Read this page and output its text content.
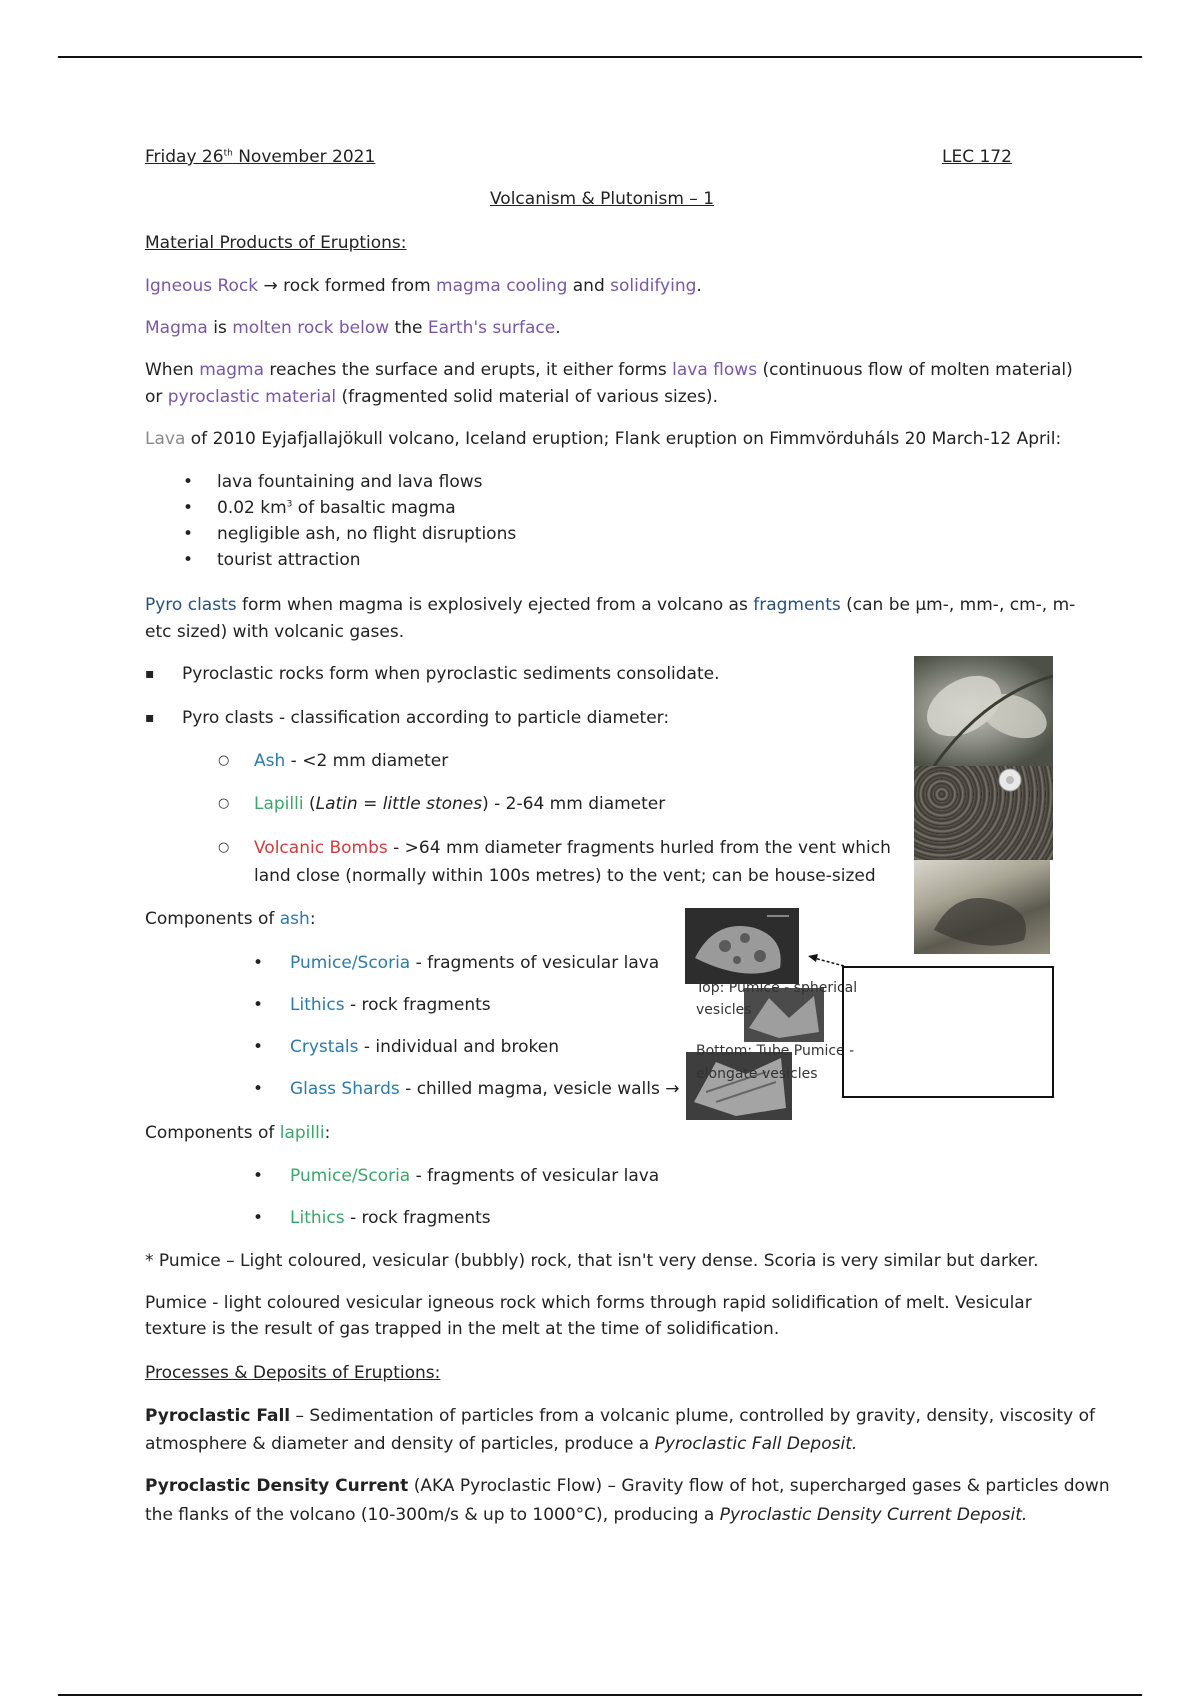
Friday 26th November 2021	LEC 172
Volcanism & Plutonism – 1
Material Products of Eruptions:
Igneous Rock → rock formed from magma cooling and solidifying.
Magma is molten rock below the Earth's surface.
When magma reaches the surface and erupts, it either forms lava flows (continuous flow of molten material)
or pyroclastic material (fragmented solid material of various sizes).
Lava of 2010 Eyjafjallajökull volcano, Iceland eruption; Flank eruption on Fimmvörduháls 20 March-12 April:
• lava fountaining and lava flows
• 0.02 $km^3$ of basaltic magma
• negligible ash, no flight disruptions
• tourist attraction
Pyro clasts form when magma is explosively ejected from a volcano as fragments (can be µm-, mm-, cm-, m-
etc sized) with volcanic gases.
Pyroclastic rocks form when pyroclastic sediments consolidate.
Pyro clasts - classification according to particle diameter:
○ Ash - <2 mm diameter
○ Lapilli (Latin = little stones) - 2-64 mm diameter
○ Volcanic Bombs - >64 mm diameter fragments hurled from the vent which
land close (normally within 100s metres) to the vent; can be house-sized
Components of ash:
• Pumice/Scoria - fragments of vesicular lava
• Lithics - rock fragments
• Crystals - individual and broken
• Glass Shards - chilled magma, vesicle walls →
Components of lapilli:
• Pumice/Scoria - fragments of vesicular lava
• Lithics - rock fragments
* Pumice – Light coloured, vesicular (bubbly) rock, that isn't very dense. Scoria is very similar but darker.
Pumice - light coloured vesicular igneous rock which forms through rapid solidification of melt. Vesicular
texture is the result of gas trapped in the melt at the time of solidification.
Processes & Deposits of Eruptions:
Pyroclastic Fall – Sedimentation of particles from a volcanic plume, controlled by gravity, density, viscosity of
atmosphere & diameter and density of particles, produce a Pyroclastic Fall Deposit.
Pyroclastic Density Current (AKA Pyroclastic Flow) – Gravity flow of hot, supercharged gases & particles down
the flanks of the volcano (10-300m/s & up to 1000°C), producing a Pyroclastic Density Current Deposit.
Top: Pumice - spherical
vesicles
Bottom: Tube Pumice -
elongate vesicles
